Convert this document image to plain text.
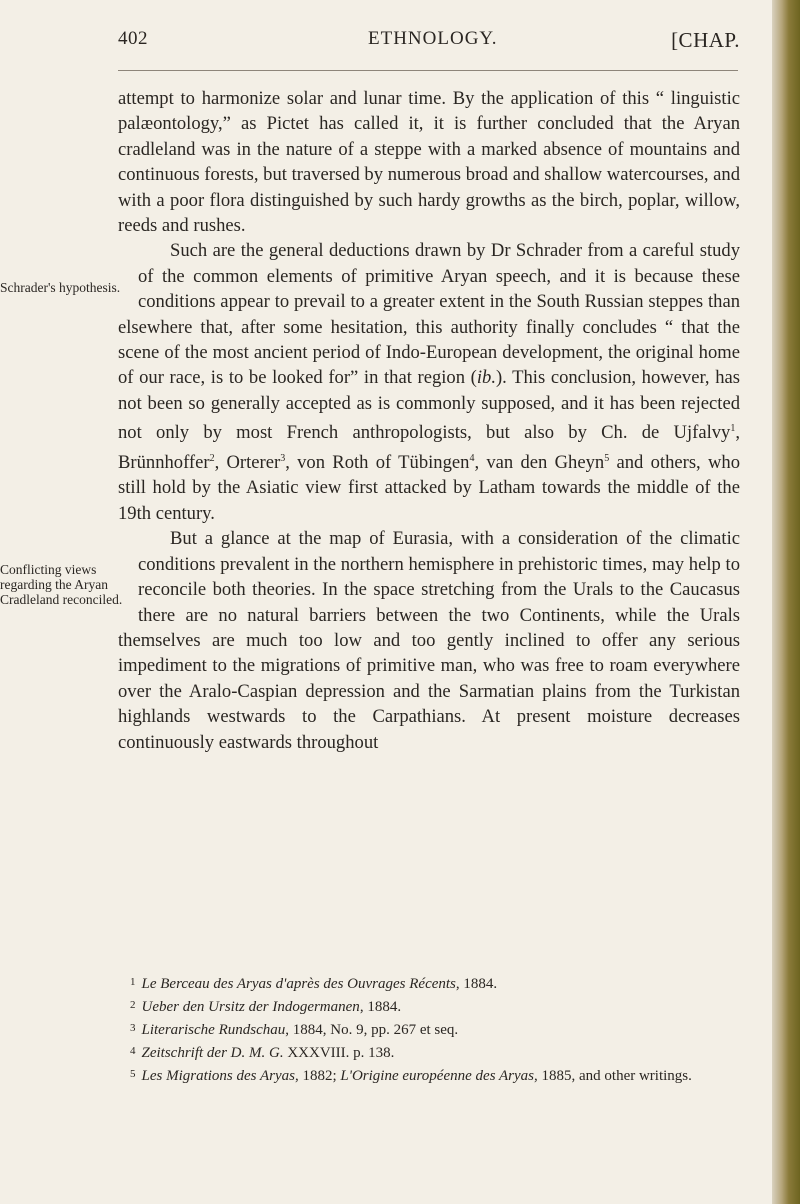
402	ETHNOLOGY.	[CHAP.

attempt to harmonize solar and lunar time. By the application of this “ linguistic palæontology,” as Pictet has called it, it is further concluded that the Aryan cradleland was in the nature of a steppe with a marked absence of mountains and continuous forests, but traversed by numerous broad and shallow watercourses, and with a poor flora distinguished by such hardy growths as the birch, poplar, willow, reeds and rushes.

Schrader's hypothesis.

Such are the general deductions drawn by Dr Schrader from a careful study of the common elements of primitive Aryan speech, and it is because these conditions appear to prevail to a greater extent in the South Russian steppes than elsewhere that, after some hesitation, this authority finally concludes “ that the scene of the most ancient period of Indo-European development, the original home of our race, is to be looked for” in that region (ib.). This conclusion, however, has not been so generally accepted as is commonly supposed, and it has been rejected not only by most French anthropologists, but also by Ch. de Ujfalvy$^1$, Brünnhoffer$^2$, Orterer$^3$, von Roth of Tübingen$^4$, van den Gheyn$^5$ and others, who still hold by the Asiatic view first attacked by Latham towards the middle of the 19th century.

Conflicting views regarding the Aryan Cradleland reconciled.

But a glance at the map of Eurasia, with a consideration of the climatic conditions prevalent in the northern hemisphere in prehistoric times, may help to reconcile both theories. In the space stretching from the Urals to the Caucasus there are no natural barriers between the two Continents, while the Urals themselves are much too low and too gently inclined to offer any serious impediment to the migrations of primitive man, who was free to roam everywhere over the Aralo-Caspian depression and the Sarmatian plains from the Turkistan highlands westwards to the Carpathians. At present moisture decreases continuously eastwards throughout

$^1$ Le Berceau des Aryas d'après des Ouvrages Récents, 1884.

$^2$ Ueber den Ursitz der Indogermanen, 1884.

$^3$ Literarische Rundschau, 1884, No. 9, pp. 267 et seq.

$^4$ Zeitschrift der D. M. G. XXXVIII. p. 138.

$^5$ Les Migrations des Aryas, 1882; L'Origine européenne des Aryas, 1885, and other writings.
